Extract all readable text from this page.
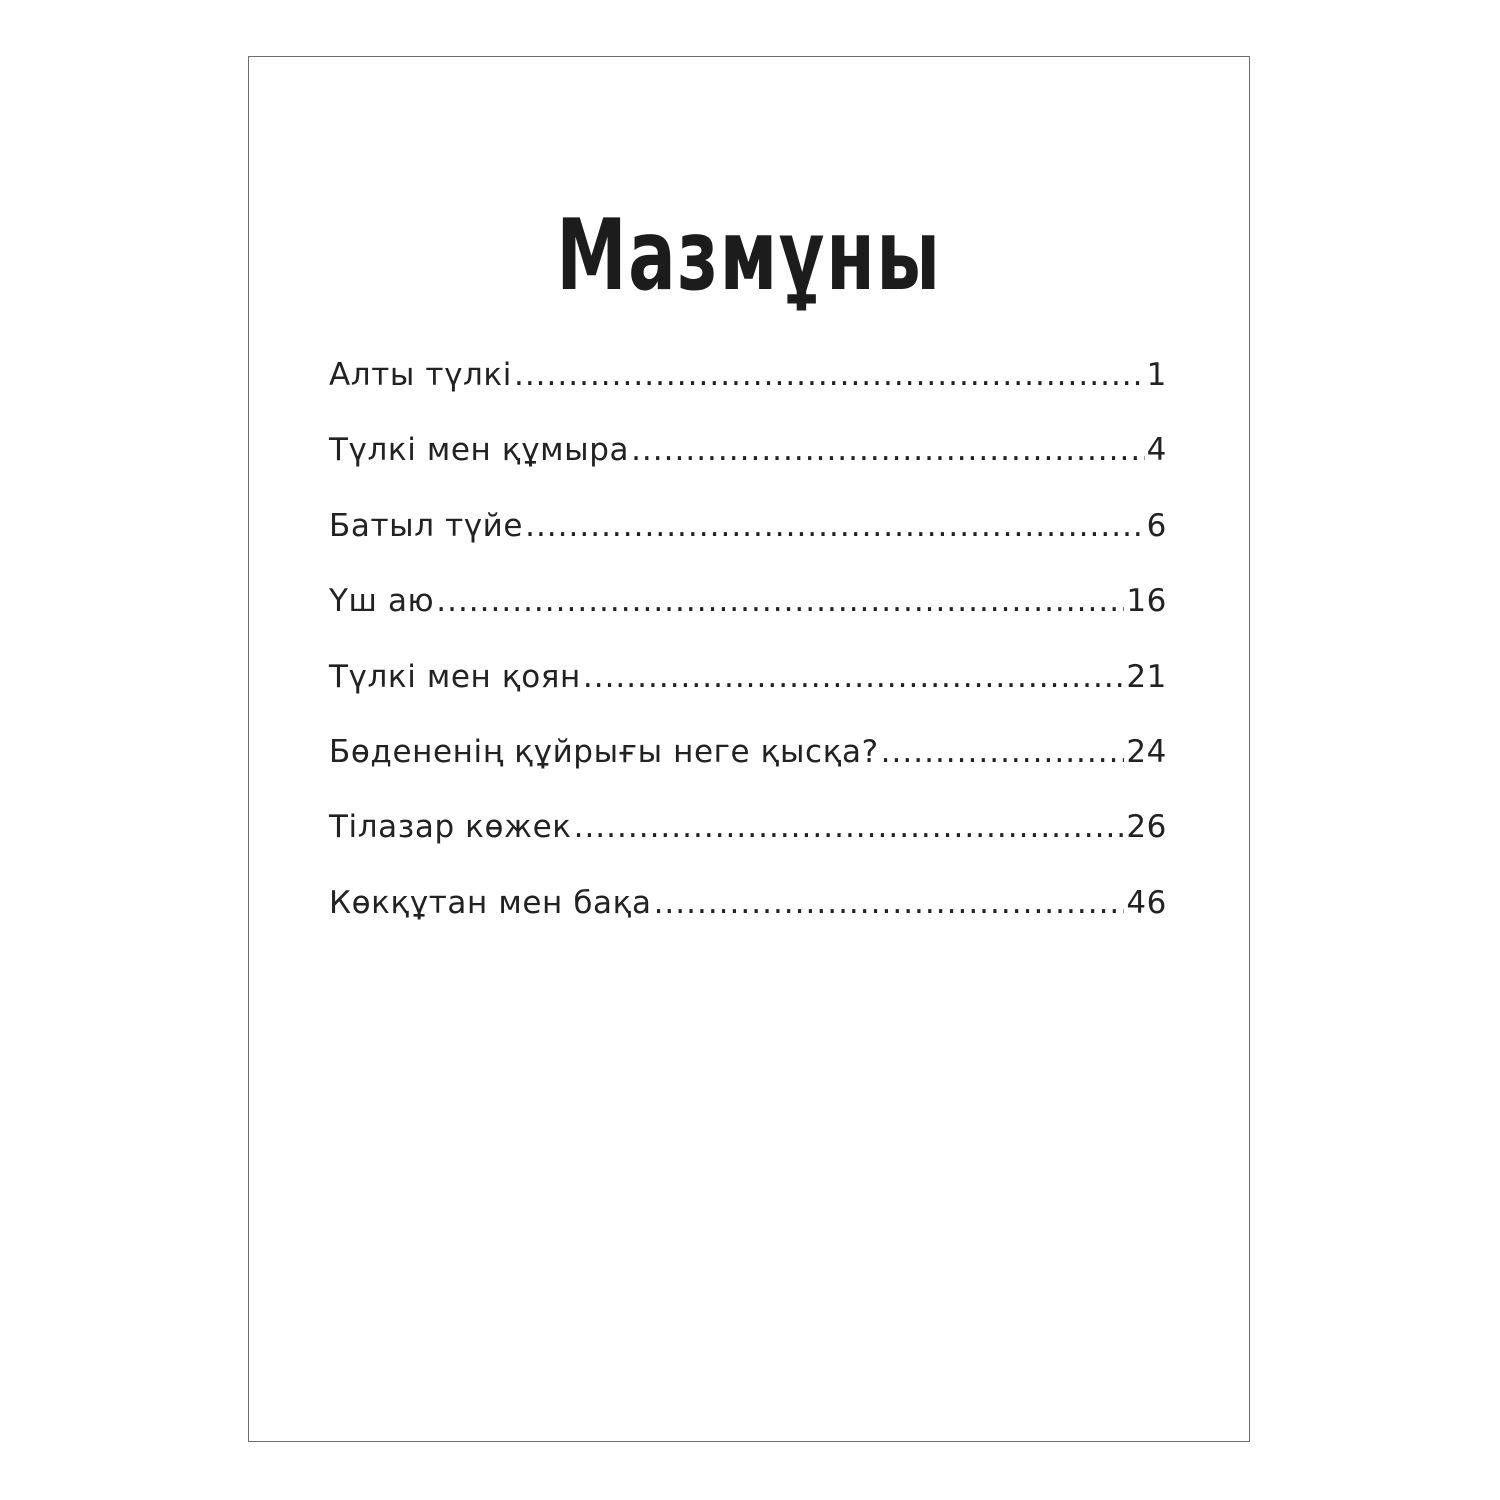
Мазмұны
Алты түлкі .....	1
Түлкі мен құмыра .....	4
Батыл түйе .....	6
Үш аю .....	16
Түлкі мен қоян .....	21
Бөдененің құйрығы неге қысқа? .....	24
Тілазар көжек .....	26
Көкқұтан мен бақа .....	46
